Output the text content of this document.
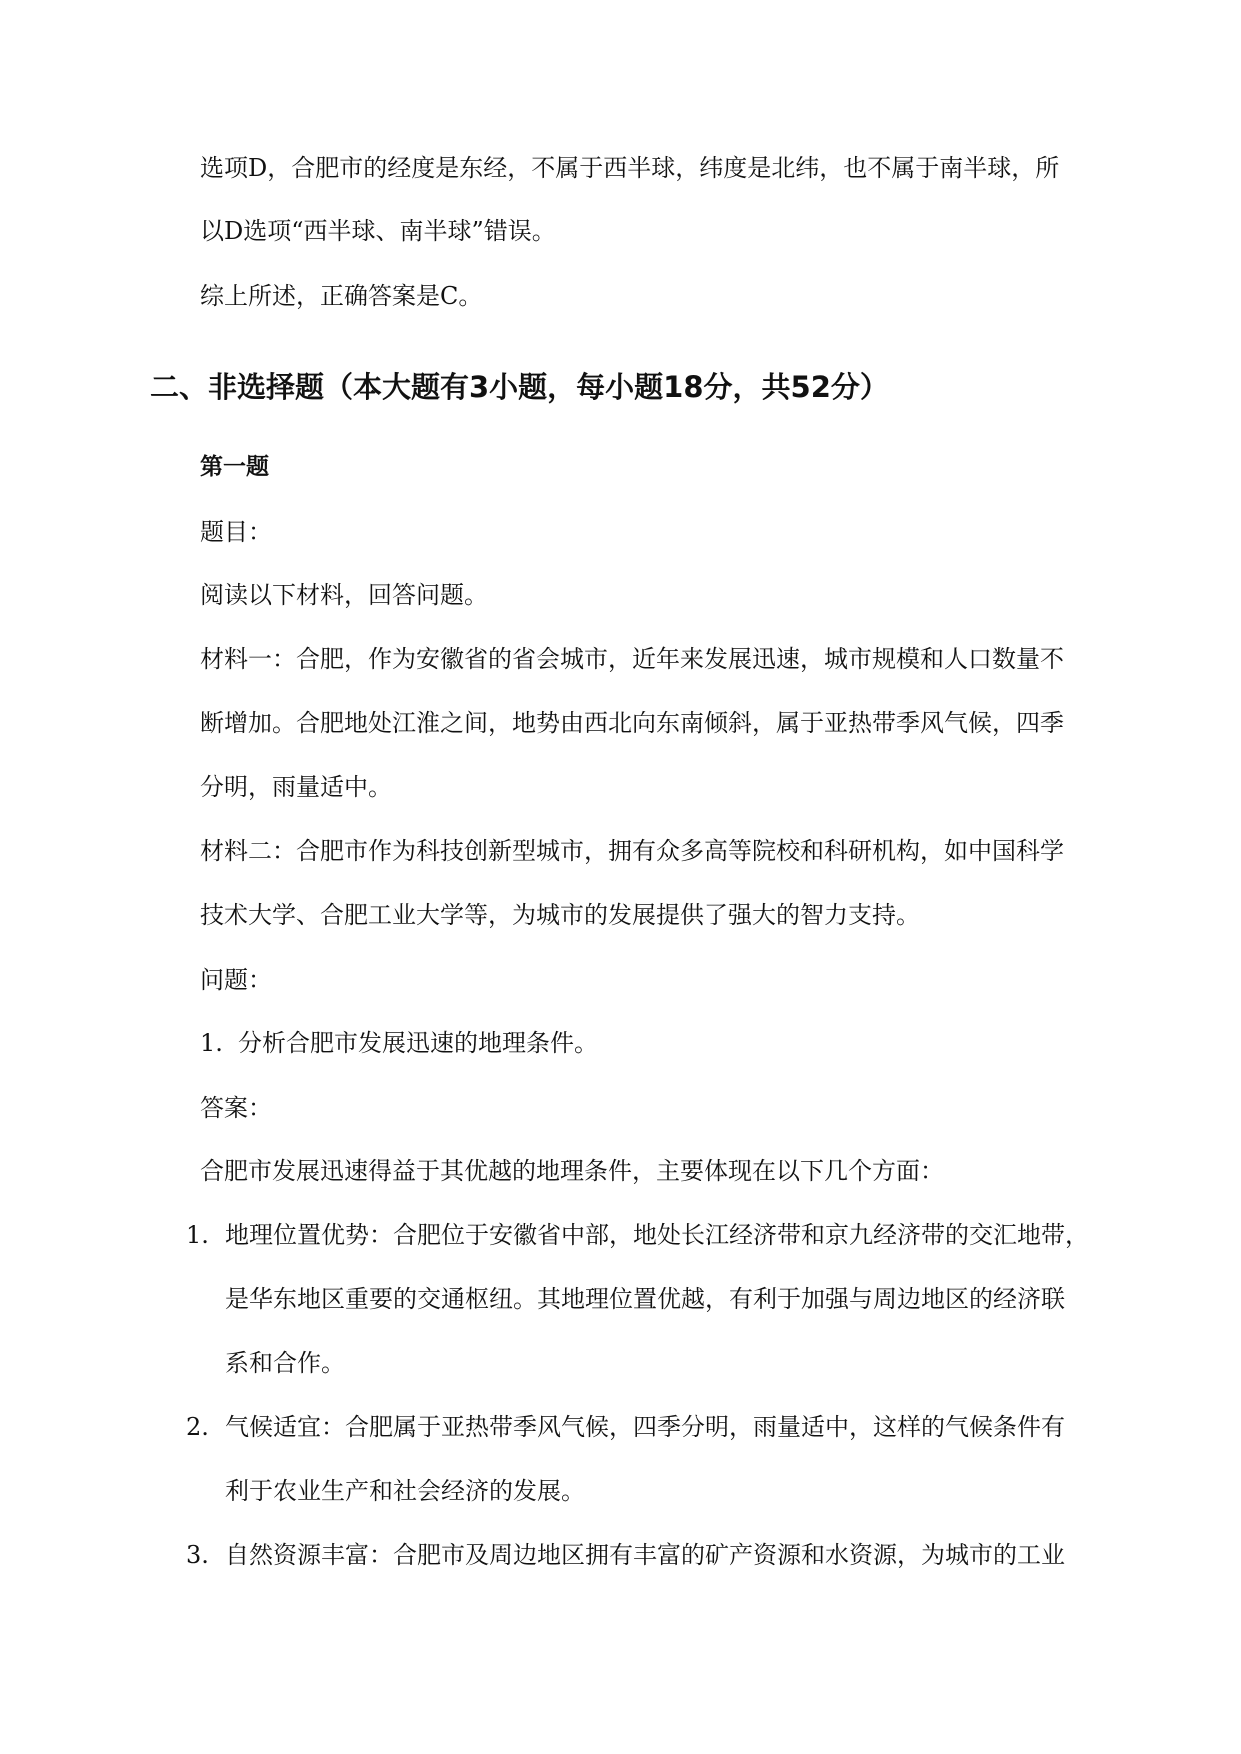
选项D，合肥市的经度是东经，不属于西半球，纬度是北纬，也不属于南半球，所
以D选项“西半球、南半球”错误。
综上所述，正确答案是C。
二、非选择题（本大题有3小题，每小题18分，共52分）
第一题
题目：
阅读以下材料，回答问题。
材料一：合肥，作为安徽省的省会城市，近年来发展迅速，城市规模和人口数量不
断增加。合肥地处江淮之间，地势由西北向东南倾斜，属于亚热带季风气候，四季
分明，雨量适中。
材料二：合肥市作为科技创新型城市，拥有众多高等院校和科研机构，如中国科学
技术大学、合肥工业大学等，为城市的发展提供了强大的智力支持。
问题：
1. 分析合肥市发展迅速的地理条件。
答案：
合肥市发展迅速得益于其优越的地理条件，主要体现在以下几个方面：
1. 地理位置优势：合肥位于安徽省中部，地处长江经济带和京九经济带的交汇地带，
是华东地区重要的交通枢纽。其地理位置优越，有利于加强与周边地区的经济联
系和合作。
2. 气候适宜：合肥属于亚热带季风气候，四季分明，雨量适中，这样的气候条件有
利于农业生产和社会经济的发展。
3. 自然资源丰富：合肥市及周边地区拥有丰富的矿产资源和水资源，为城市的工业
